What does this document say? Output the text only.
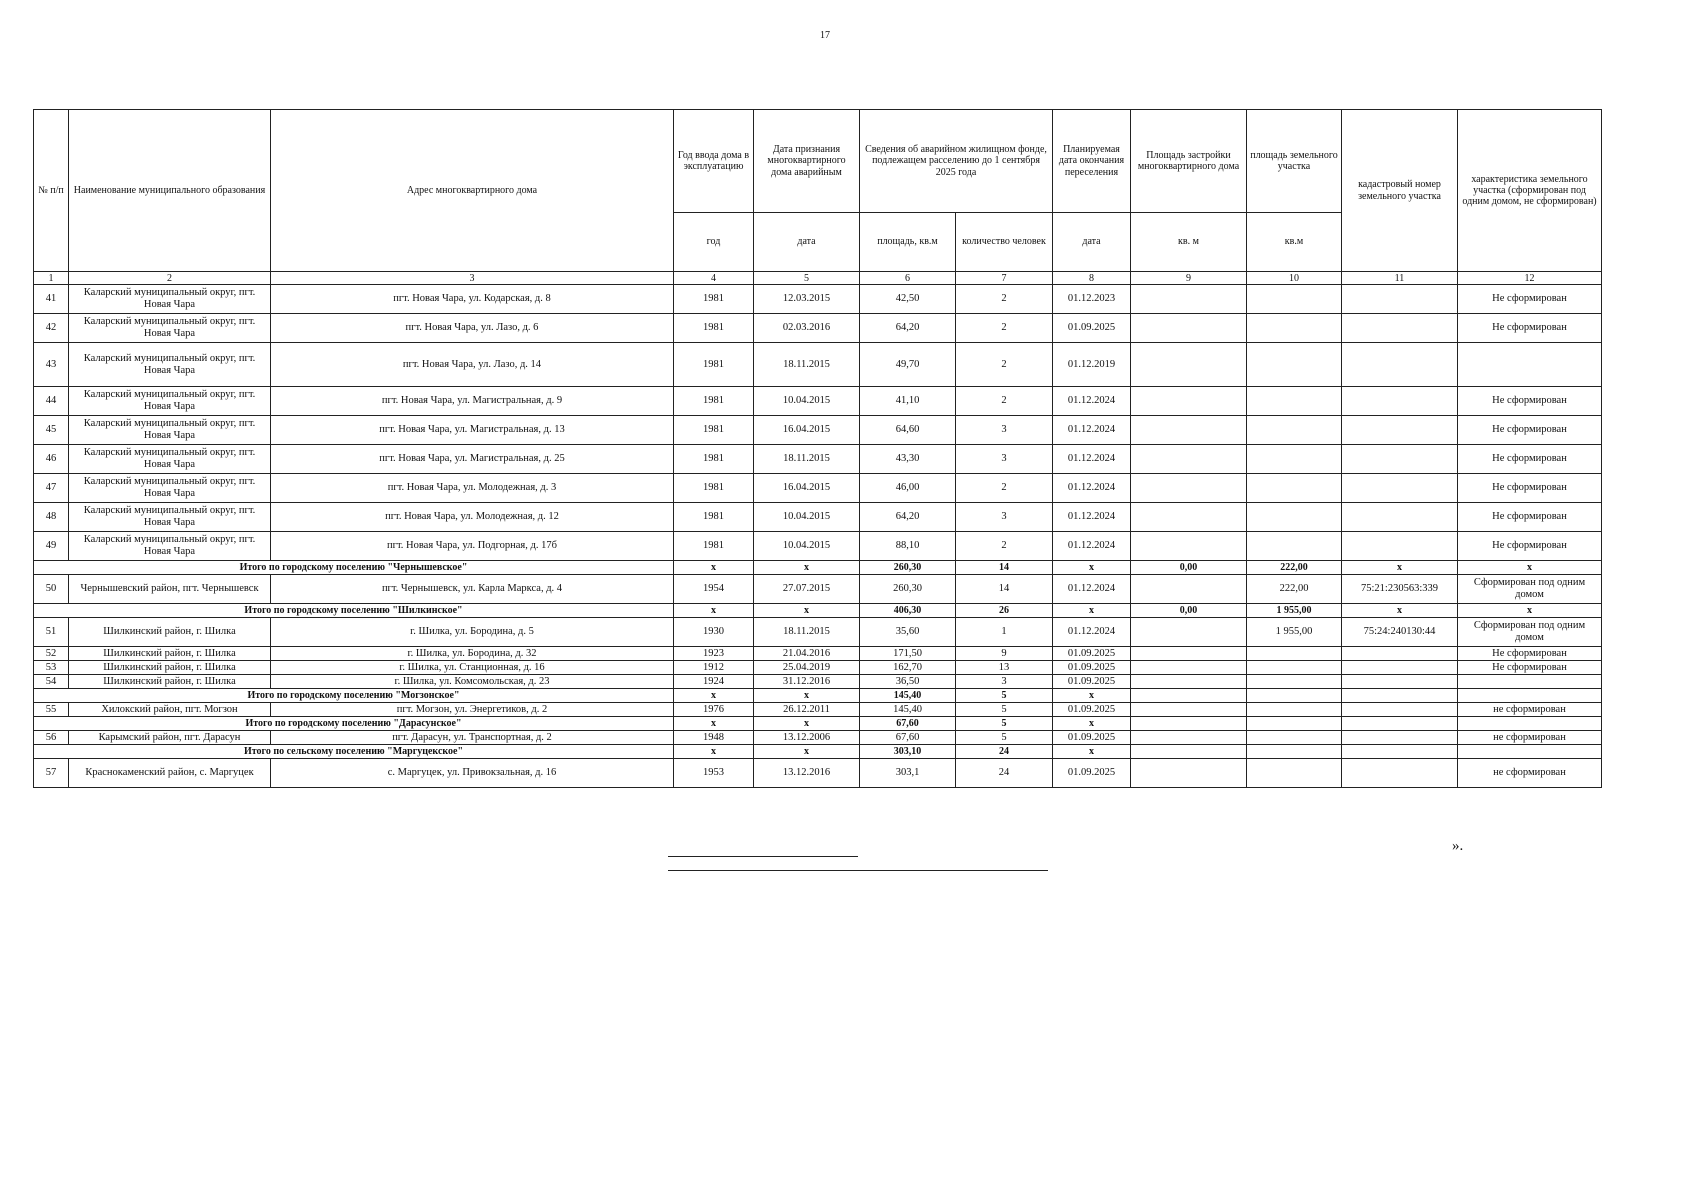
17
№ п/п	Наименование муниципального образования	Адрес многоквартирного дома	Год ввода дома в эксплуатацию	Дата признания многоквартирного дома аварийным	Сведения об аварийном жилищном фонде, подлежащем расселению до 1 сентября 2025 года		Планируемая дата окончания переселения	Площадь застройки многоквартирного дома	площадь земельного участка	кадастровый номер земельного участка	характеристика земельного участка (сформирован под одним домом, не сформирован)
			год	дата	площадь, кв.м	количество человек	дата	кв. м	кв.м		
1	2	3	4	5	6	7	8	9	10	11	12
41	Каларский муниципальный округ, пгт. Новая Чара	пгт. Новая Чара, ул. Кодарская, д. 8	1981	12.03.2015	42,50	2	01.12.2023				Не сформирован
42	Каларский муниципальный округ, пгт. Новая Чара	пгт. Новая Чара, ул. Лазо, д. 6	1981	02.03.2016	64,20	2	01.09.2025				Не сформирован
43	Каларский муниципальный округ, пгт. Новая Чара	пгт. Новая Чара, ул. Лазо, д. 14	1981	18.11.2015	49,70	2	01.12.2019				
44	Каларский муниципальный округ, пгт. Новая Чара	пгт. Новая Чара, ул. Магистральная, д. 9	1981	10.04.2015	41,10	2	01.12.2024				Не сформирован
45	Каларский муниципальный округ, пгт. Новая Чара	пгт. Новая Чара, ул. Магистральная, д. 13	1981	16.04.2015	64,60	3	01.12.2024				Не сформирован
46	Каларский муниципальный округ, пгт. Новая Чара	пгт. Новая Чара, ул. Магистральная, д. 25	1981	18.11.2015	43,30	3	01.12.2024				Не сформирован
47	Каларский муниципальный округ, пгт. Новая Чара	пгт. Новая Чара, ул. Молодежная, д. 3	1981	16.04.2015	46,00	2	01.12.2024				Не сформирован
48	Каларский муниципальный округ, пгт. Новая Чара	пгт. Новая Чара, ул. Молодежная, д. 12	1981	10.04.2015	64,20	3	01.12.2024				Не сформирован
49	Каларский муниципальный округ, пгт. Новая Чара	пгт. Новая Чара, ул. Подгорная, д. 17б	1981	10.04.2015	88,10	2	01.12.2024				Не сформирован
Итого по городскому поселению "Чернышевское"			x	x	260,30	14	x	0,00	222,00	x	x
50	Чернышевский район, пгт. Чернышевск	пгт. Чернышевск, ул. Карла Маркса, д. 4	1954	27.07.2015	260,30	14	01.12.2024		222,00	75:21:230563:339	Сформирован под одним домом
Итого по городскому поселению "Шилкинское"			x	x	406,30	26	x	0,00	1 955,00	x	x
51	Шилкинский район, г. Шилка	г. Шилка, ул. Бородина, д. 5	1930	18.11.2015	35,60	1	01.12.2024		1 955,00	75:24:240130:44	Сформирован под одним домом
52	Шилкинский район, г. Шилка	г. Шилка, ул. Бородина, д. 32	1923	21.04.2016	171,50	9	01.09.2025				Не сформирован
53	Шилкинский район, г. Шилка	г. Шилка, ул. Станционная, д. 16	1912	25.04.2019	162,70	13	01.09.2025				Не сформирован
54	Шилкинский район, г. Шилка	г. Шилка, ул. Комсомольская, д. 23	1924	31.12.2016	36,50	3	01.09.2025				
Итого по городскому поселению "Могзонское"			x	x	145,40	5	x				
55	Хилокский район, пгт. Могзон	пгт. Могзон, ул. Энергетиков, д. 2	1976	26.12.2011	145,40	5	01.09.2025				не сформирован
Итого по городскому поселению "Дарасунское"			x	x	67,60	5	x				
56	Карымский район, пгт. Дарасун	пгт. Дарасун, ул. Транспортная, д. 2	1948	13.12.2006	67,60	5	01.09.2025				не сформирован
Итого по сельскому поселению "Маргуцекское"			x	x	303,10	24	x				
57	Краснокаменский район, с. Маргуцек	с. Маргуцек, ул. Привокзальная, д. 16	1953	13.12.2016	303,1	24	01.09.2025				не сформирован
».
